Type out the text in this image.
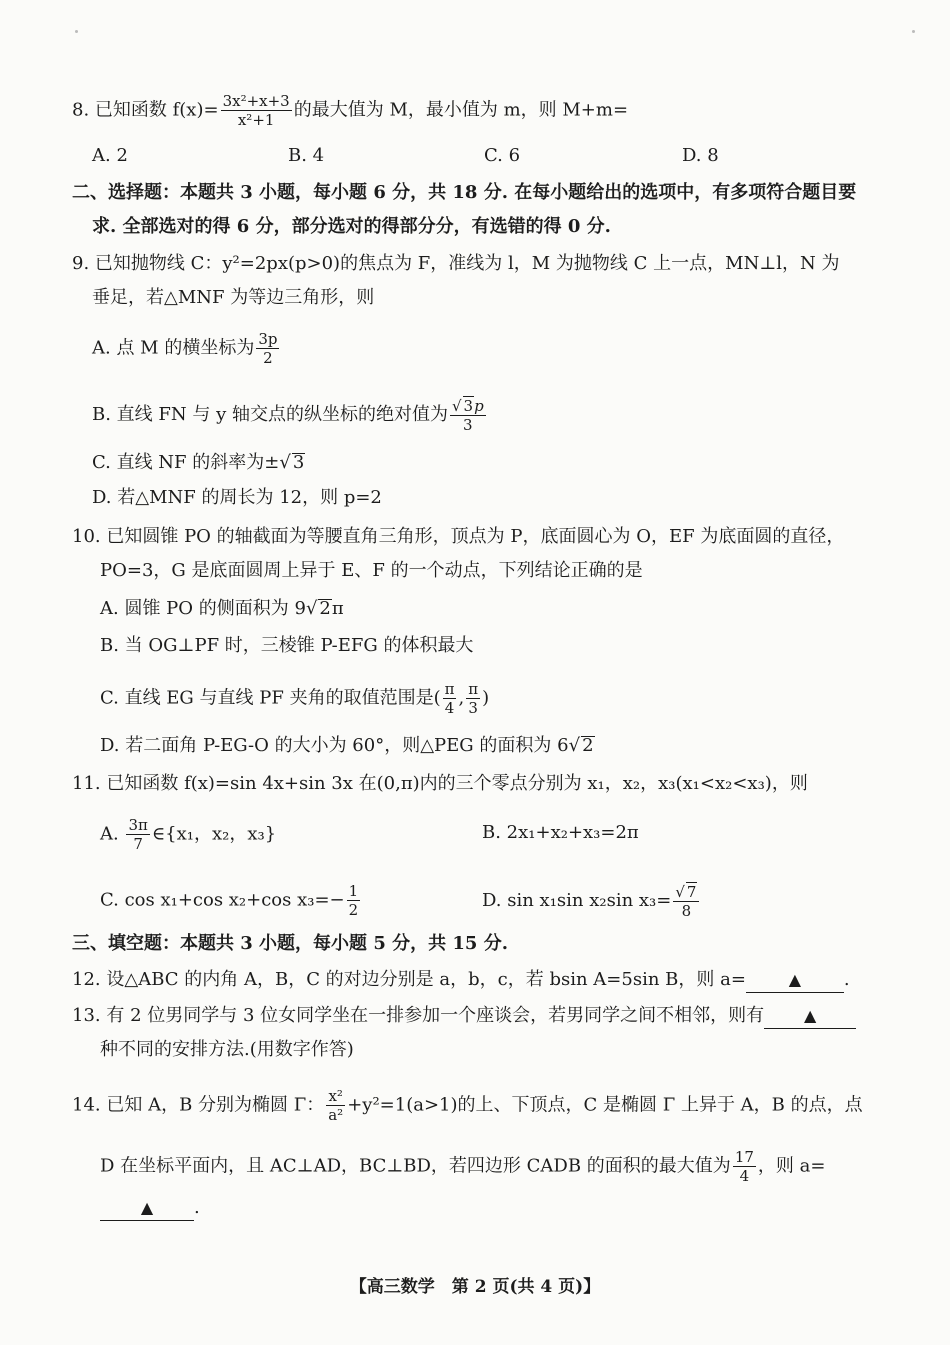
8. 已知函数 $f(x)= \frac{\text{3x²+x+3}}{\text{x²+1}}$ 的最大值为 M，最小值为 m，则 M+m=
A. 2	B. 4	C. 6	D. 8
二、选择题：本题共 3 小题，每小题 6 分，共 18 分. 在每小题给出的选项中，有多项符合题目要
求. 全部选对的得 6 分，部分选对的得部分分，有选错的得 0 分.
9. 已知抛物线 C：y²=2px(p>0)的焦点为 F，准线为 l，M 为抛物线 C 上一点，MN⊥l，N 为
垂足，若△MNF 为等边三角形，则
A. 点 M 的横坐标为 $\frac{3p}{2}$
B. 直线 FN 与 y 轴交点的纵坐标的绝对值为 $\frac{√ 3p}{3}$
C. 直线 NF 的斜率为±√ 3
D. 若△MNF 的周长为 12，则 p=2
10. 已知圆锥 PO 的轴截面为等腰直角三角形，顶点为 P，底面圆心为 O，EF 为底面圆的直径，
PO=3，G 是底面圆周上异于 E、F 的一个动点，下列结论正确的是
A. 圆锥 PO 的侧面积为 9√ 2π
B. 当 OG⊥PF 时，三棱锥 P-EFG 的体积最大
C. 直线 EG 与直线 PF 夹角的取值范围是( $\frac{\pi}{4}$ , $\frac{\pi}{3}$ )
D. 若二面角 P-EG-O 的大小为 60°，则△PEG 的面积为 6√ 2
11. 已知函数 f(x)=sin 4x+sin 3x 在(0,π)内的三个零点分别为 x₁，x₂，x₃(x₁<x₂<x₃)，则
A. $\frac{3\pi}{7}$ ∈{x₁，x₂，x₃}	B. 2x₁+x₂+x₃=2π
C. cos x₁+cos x₂+cos $x_3=- \frac{1}{2}$	D. sin x₁sin x₂sin $x_3= \frac{√ 7}{8}$
三、填空题：本题共 3 小题，每小题 5 分，共 15 分.
12. 设△ABC 的内角 A，B，C 的对边分别是 a，b，c，若 bsin A=5sin B，则 a=	▲ .
13. 有 2 位男同学与 3 位女同学坐在一排参加一个座谈会，若男同学之间不相邻，则有 ▲
种不同的安排方法.(用数字作答)
14. 已知 A，B 分别为椭圆 Γ： $\frac{\text{x²}}{\text{a²}} +y^2=1(a>1)$的上、下顶点，C 是椭圆 Γ 上异于 A，B 的点，点
D 在坐标平面内，且 AC⊥AD，BC⊥BD，若四边形 CADB 的面积的最大值为 $\frac{17}{4}$ ，则 a=
▲ .
【高三数学　第 2 页(共 4 页)】
